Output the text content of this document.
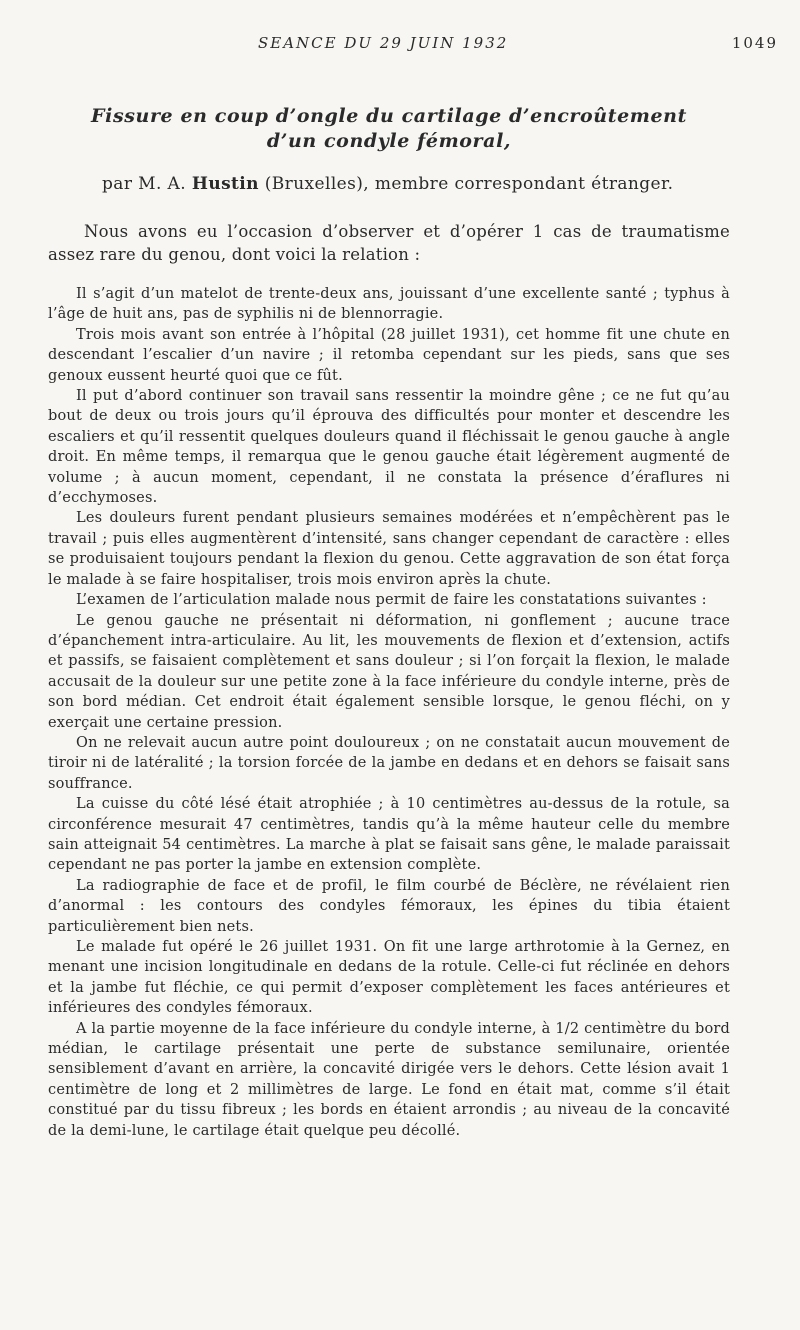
SEANCE DU 29 JUIN 1932	1049
Fissure en coup d’ongle du cartilage d’encroûtement
d’un condyle fémoral,
par M. A. Hustin (Bruxelles), membre correspondant étranger.
Nous avons eu l’occasion d’observer et d’opérer 1 cas de traumatisme assez rare du genou, dont voici la relation :

Il s’agit d’un matelot de trente-deux ans, jouissant d’une excellente santé ; typhus à l’âge de huit ans, pas de syphilis ni de blennorragie.

Trois mois avant son entrée à l’hôpital (28 juillet 1931), cet homme fit une chute en descendant l’escalier d’un navire ; il retomba cependant sur les pieds, sans que ses genoux eussent heurté quoi que ce fût.

Il put d’abord continuer son travail sans ressentir la moindre gêne ; ce ne fut qu’au bout de deux ou trois jours qu’il éprouva des difficultés pour monter et descendre les escaliers et qu’il ressentit quelques douleurs quand il fléchissait le genou gauche à angle droit. En même temps, il remarqua que le genou gauche était légèrement augmenté de volume ; à aucun moment, cependant, il ne constata la présence d’éraflures ni d’ecchymoses.

Les douleurs furent pendant plusieurs semaines modérées et n’empêchèrent pas le travail ; puis elles augmentèrent d’intensité, sans changer cependant de caractère : elles se produisaient toujours pendant la flexion du genou. Cette aggravation de son état força le malade à se faire hospitaliser, trois mois environ après la chute.

L’examen de l’articulation malade nous permit de faire les constatations suivantes :

Le genou gauche ne présentait ni déformation, ni gonflement ; aucune trace d’épanchement intra-articulaire. Au lit, les mouvements de flexion et d’extension, actifs et passifs, se faisaient complètement et sans douleur ; si l’on forçait la flexion, le malade accusait de la douleur sur une petite zone à la face inférieure du condyle interne, près de son bord médian. Cet endroit était également sensible lorsque, le genou fléchi, on y exerçait une certaine pression.

On ne relevait aucun autre point douloureux ; on ne constatait aucun mouvement de tiroir ni de latéralité ; la torsion forcée de la jambe en dedans et en dehors se faisait sans souffrance.

La cuisse du côté lésé était atrophiée ; à 10 centimètres au-dessus de la rotule, sa circonférence mesurait 47 centimètres, tandis qu’à la même hauteur celle du membre sain atteignait 54 centimètres. La marche à plat se faisait sans gêne, le malade paraissait cependant ne pas porter la jambe en extension complète.

La radiographie de face et de profil, le film courbé de Béclère, ne révélaient rien d’anormal : les contours des condyles fémoraux, les épines du tibia étaient particulièrement bien nets.

Le malade fut opéré le 26 juillet 1931. On fit une large arthrotomie à la Gernez, en menant une incision longitudinale en dedans de la rotule. Celle-ci fut réclinée en dehors et la jambe fut fléchie, ce qui permit d’exposer complètement les faces antérieures et inférieures des condyles fémoraux.

A la partie moyenne de la face inférieure du condyle interne, à 1/2 centimètre du bord médian, le cartilage présentait une perte de substance semilunaire, orientée sensiblement d’avant en arrière, la concavité dirigée vers le dehors. Cette lésion avait 1 centimètre de long et 2 millimètres de large. Le fond en était mat, comme s’il était constitué par du tissu fibreux ; les bords en étaient arrondis ; au niveau de la concavité de la demi-lune, le cartilage était quelque peu décollé.
